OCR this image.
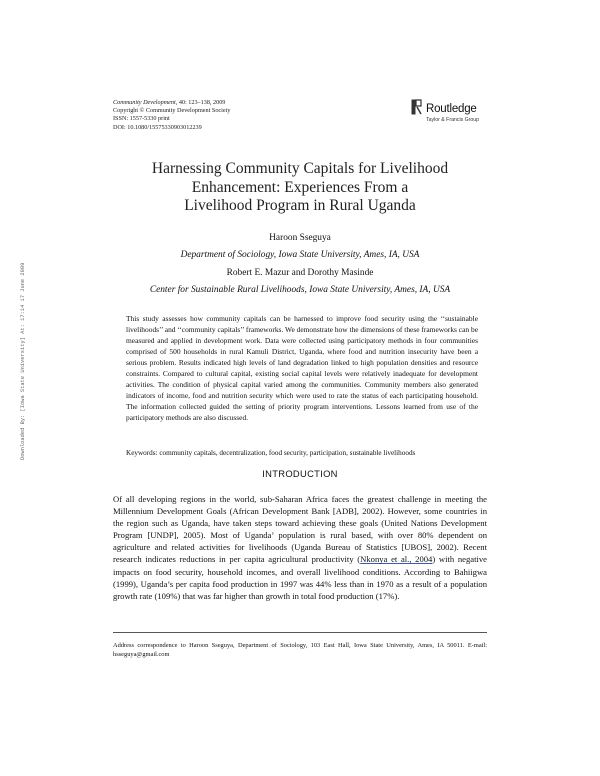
Community Development, 40: 123–138, 2009
Copyright © Community Development Society
ISSN: 1557-5330 print
DOI: 10.1080/15575330903012239
Routledge
Taylor & Francis Group
Harnessing Community Capitals for Livelihood
Enhancement: Experiences From a
Livelihood Program in Rural Uganda
Haroon Sseguya
Department of Sociology, Iowa State University, Ames, IA, USA
Robert E. Mazur and Dorothy Masinde
Center for Sustainable Rural Livelihoods, Iowa State University, Ames, IA, USA

This study assesses how community capitals can be harnessed to improve food security using the ‘‘sustainable livelihoods’’ and ‘‘community capitals’’ frameworks. We demonstrate how the dimensions of these frameworks can be measured and applied in development work. Data were collected using participatory methods in four communities comprised of 500 households in rural Kamuli District, Uganda, where food and nutrition insecurity have been a serious problem. Results indicated high levels of land degradation linked to high population densities and resource constraints. Compared to cultural capital, existing social capital levels were relatively inadequate for development activities. The condition of physical capital varied among the communities. Community members also generated indicators of income, food and nutrition security which were used to rate the status of each participating household. The information collected guided the setting of priority program interventions. Lessons learned from use of the participatory methods are also discussed.

Keywords: community capitals, decentralization, food security, participation, sustainable livelihoods
INTRODUCTION

Of all developing regions in the world, sub-Saharan Africa faces the greatest challenge in meeting the Millennium Development Goals (African Development Bank [ADB], 2002). However, some countries in the region such as Uganda, have taken steps toward achieving these goals (United Nations Development Program [UNDP], 2005). Most of Uganda’ population is rural based, with over 80% dependent on agriculture and related activities for livelihoods (Uganda Bureau of Statistics [UBOS], 2002). Recent research indicates reductions in per capita agricultural productivity (Nkonya et al., 2004) with negative impacts on food security, household incomes, and overall livelihood conditions. According to Bahiigwa (1999), Uganda’s per capita food production in 1997 was 44% less than in 1970 as a result of a population growth rate (109%) that was far higher than growth in total food production (17%).

Address correspondence to Haroon Sseguya, Department of Sociology, 103 East Hall, Iowa State University, Ames, IA 50011. E-mail: hsseguya@gmail.com

Downloaded By: [Iowa State University] At: 17:14 17 June 2009
